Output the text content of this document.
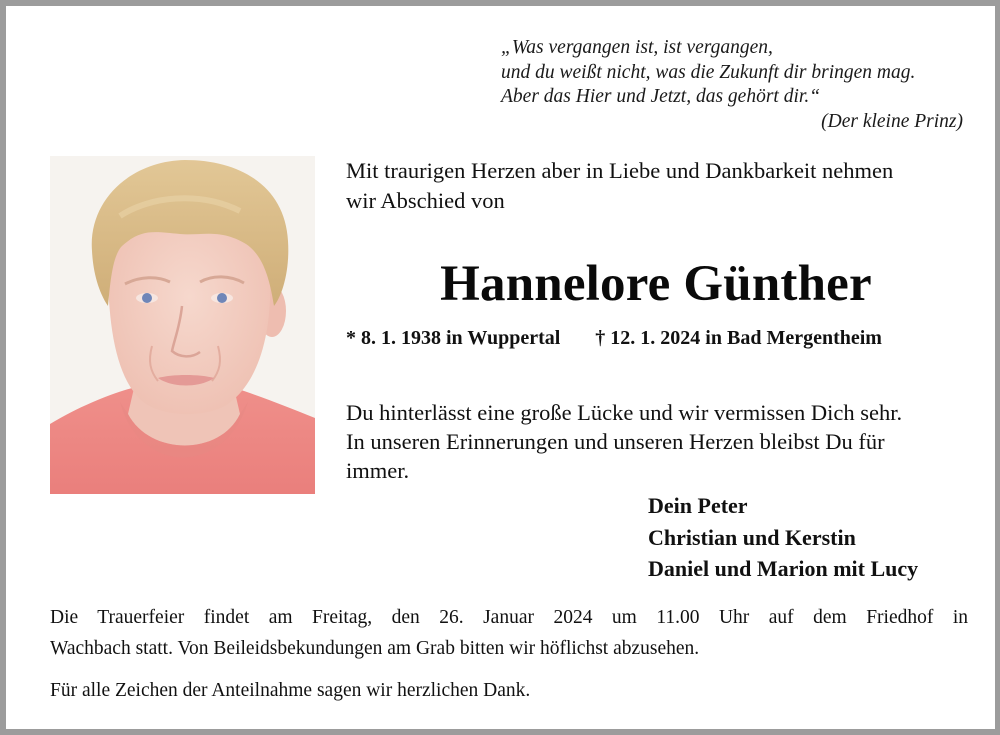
„Was vergangen ist, ist vergangen,
und du weißt nicht, was die Zukunft dir bringen mag.
Aber das Hier und Jetzt, das gehört dir.“
(Der kleine Prinz)
Mit traurigen Herzen aber in Liebe und Dankbarkeit nehmen
wir Abschied von
Hannelore Günther
* 8. 1. 1938 in Wuppertal † 12. 1. 2024 in Bad Mergentheim
Du hinterlässt eine große Lücke und wir vermissen Dich sehr.
In unseren Erinnerungen und unseren Herzen bleibst Du für
immer.
Dein Peter
Christian und Kerstin
Daniel und Marion mit Lucy
Die Trauerfeier findet am Freitag, den 26. Januar 2024 um 11.00 Uhr auf dem Friedhof in
Wachbach statt. Von Beileidsbekundungen am Grab bitten wir höflichst abzusehen.
Für alle Zeichen der Anteilnahme sagen wir herzlichen Dank.
